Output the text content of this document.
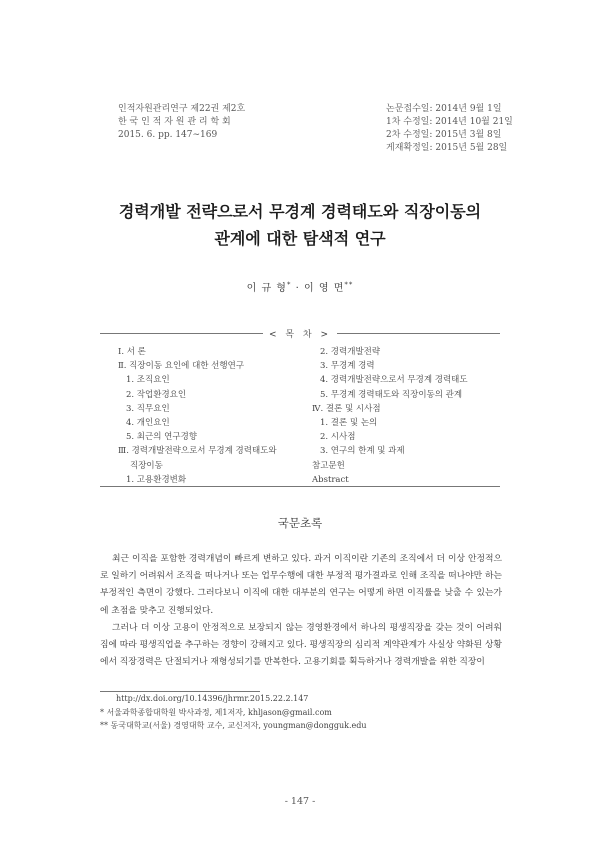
인적자원관리연구 제22권 제2호
한 국 인 적 자 원 관 리 학 회
2015. 6. pp. 147∼169
논문접수일: 2014년 9월 1일
1차 수정일: 2014년 10월 21일
2차 수정일: 2015년 3월 8일
게재확정일: 2015년 5월 28일
경력개발 전략으로서 무경계 경력태도와 직장이동의
관계에 대한 탐색적 연구
이 규 형* · 이 영 면**
< 목 차 >
Ⅰ. 서 론
Ⅱ. 직장이동 요인에 대한 선행연구
1. 조직요인
2. 작업환경요인
3. 직무요인
4. 개인요인
5. 최근의 연구경향
Ⅲ. 경력개발전략으로서 무경계 경력태도와
직장이동
1. 고용환경변화
2. 경력개발전략
3. 무경계 경력
4. 경력개발전략으로서 무경계 경력태도
5. 무경계 경력태도와 직장이동의 관계
Ⅳ. 결론 및 시사점
1. 결론 및 논의
2. 시사점
3. 연구의 한계 및 과제
참고문헌
Abstract
국문초록

최근 이직을 포함한 경력개념이 빠르게 변하고 있다. 과거 이직이란 기존의 조직에서 더 이상 안정적으로 일하기 어려워서 조직을 떠나거나 또는 업무수행에 대한 부정적 평가결과로 인해 조직을 떠나야만 하는 부정적인 측면이 강했다. 그러다보니 이직에 대한 대부분의 연구는 어떻게 하면 이직률을 낮출 수 있는가에 초점을 맞추고 진행되었다.

그러나 더 이상 고용이 안정적으로 보장되지 않는 경영환경에서 하나의 평생직장을 갖는 것이 어려워짐에 따라 평생직업을 추구하는 경향이 강해지고 있다. 평생직장의 심리적 계약관계가 사실상 약화된 상황에서 직장경력은 단절되거나 재형성되기를 반복한다. 고용기회를 획득하거나 경력개발을 위한 직장이

http://dx.doi.org/10.14396/jhrmr.2015.22.2.147
* 서울과학종합대학원 박사과정, 제1저자, khljason@gmail.com
** 동국대학교(서울) 경영대학 교수, 교신저자, youngman@dongguk.edu
- 147 -
